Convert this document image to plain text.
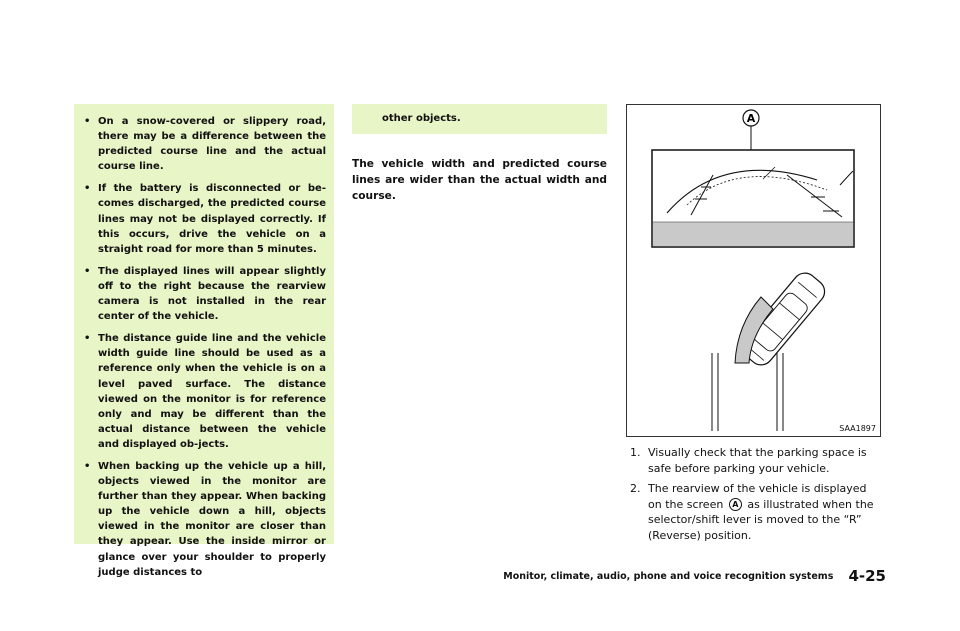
• On a snow-covered or slippery road, there may be a difference between the predicted course line and the actual course line.
• If the battery is disconnected or be-comes discharged, the predicted course lines may not be displayed correctly. If this occurs, drive the vehicle on a straight road for more than 5 minutes.
• The displayed lines will appear slightly off to the right because the rearview camera is not installed in the rear center of the vehicle.
• The distance guide line and the vehicle width guide line should be used as a reference only when the vehicle is on a level paved surface. The distance viewed on the monitor is for reference only and may be different than the actual distance between the vehicle and displayed ob-jects.
• When backing up the vehicle up a hill, objects viewed in the monitor are further than they appear. When backing up the vehicle down a hill, objects viewed in the monitor are closer than they appear. Use the inside mirror or glance over your shoulder to properly judge distances to
other objects.

The vehicle width and predicted course lines are wider than the actual width and course.

A
SAA1897
1. Visually check that the parking space is safe before parking your vehicle.
2. The rearview of the vehicle is displayed on the screen A as illustrated when the selector/shift lever is moved to the “R” (Reverse) position.
Monitor, climate, audio, phone and voice recognition systems 4-25
